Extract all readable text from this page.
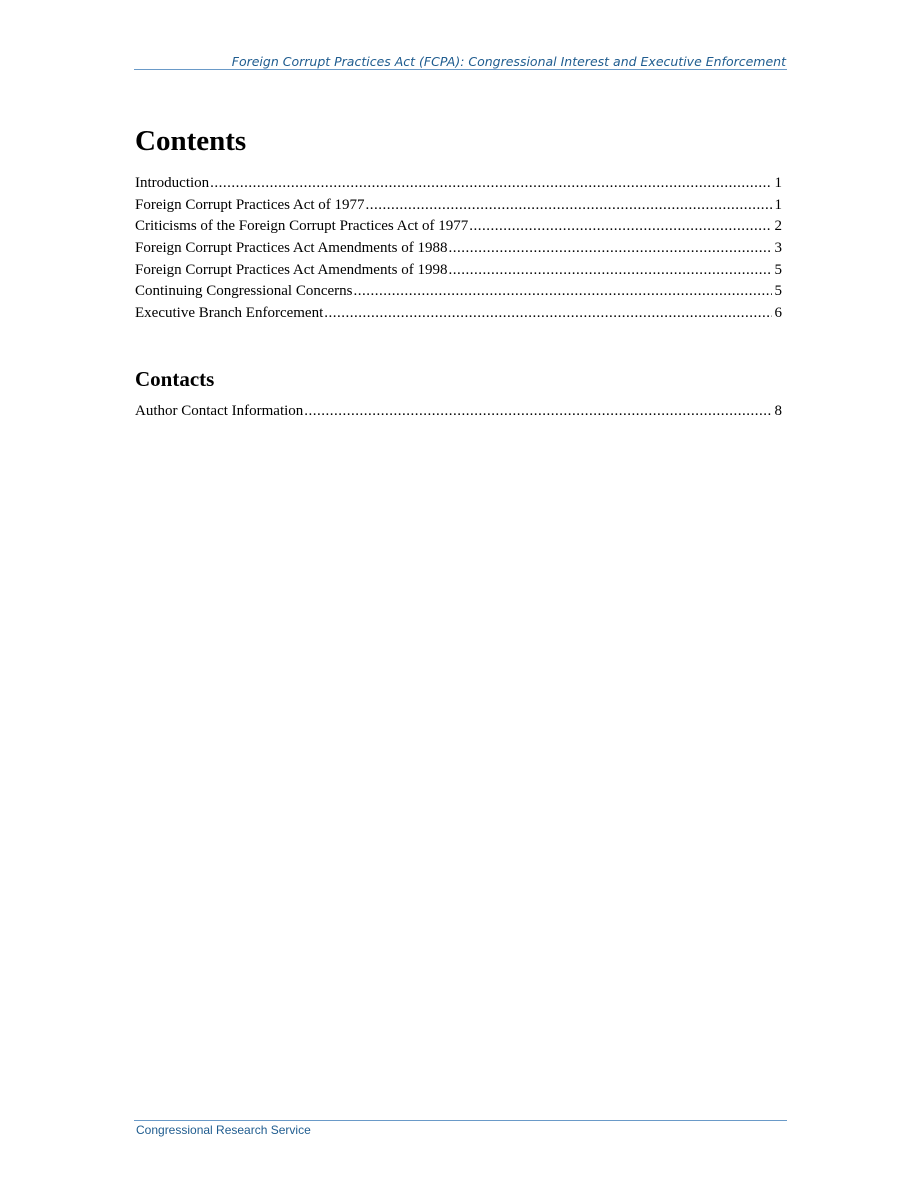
Foreign Corrupt Practices Act (FCPA): Congressional Interest and Executive Enforcement
Contents
Introduction .....	1
Foreign Corrupt Practices Act of 1977 .....	1
Criticisms of the Foreign Corrupt Practices Act of 1977 .....	2
Foreign Corrupt Practices Act Amendments of 1988 .....	3
Foreign Corrupt Practices Act Amendments of 1998 .....	5
Continuing Congressional Concerns .....	5
Executive Branch Enforcement .....	6
Contacts
Author Contact Information .....	8
Congressional Research Service
